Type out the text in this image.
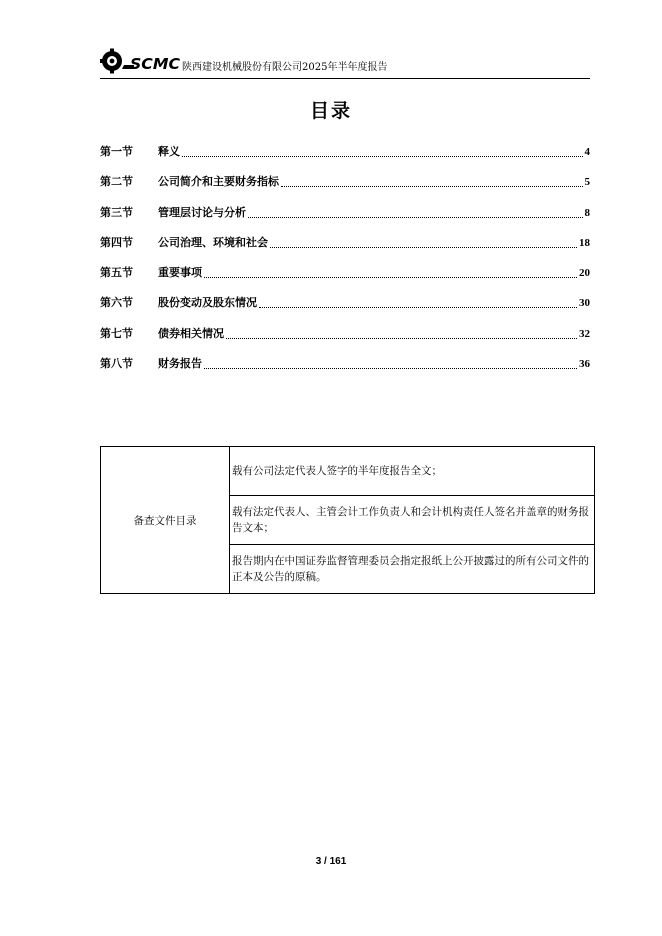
SCMC 陕西建设机械股份有限公司2025年半年度报告
目录
第一节	释义	4
第二节	公司简介和主要财务指标	5
第三节	管理层讨论与分析	8
第四节	公司治理、环境和社会	18
第五节	重要事项	20
第六节	股份变动及股东情况	30
第七节	债券相关情况	32
第八节	财务报告	36
备查文件目录	载有公司法定代表人签字的半年度报告全文；
载有法定代表人、主管会计工作负责人和会计机构责任人签名并盖章的财务报告文本；
报告期内在中国证券监督管理委员会指定报纸上公开披露过的所有公司文件的正本及公告的原稿。
3 / 161
